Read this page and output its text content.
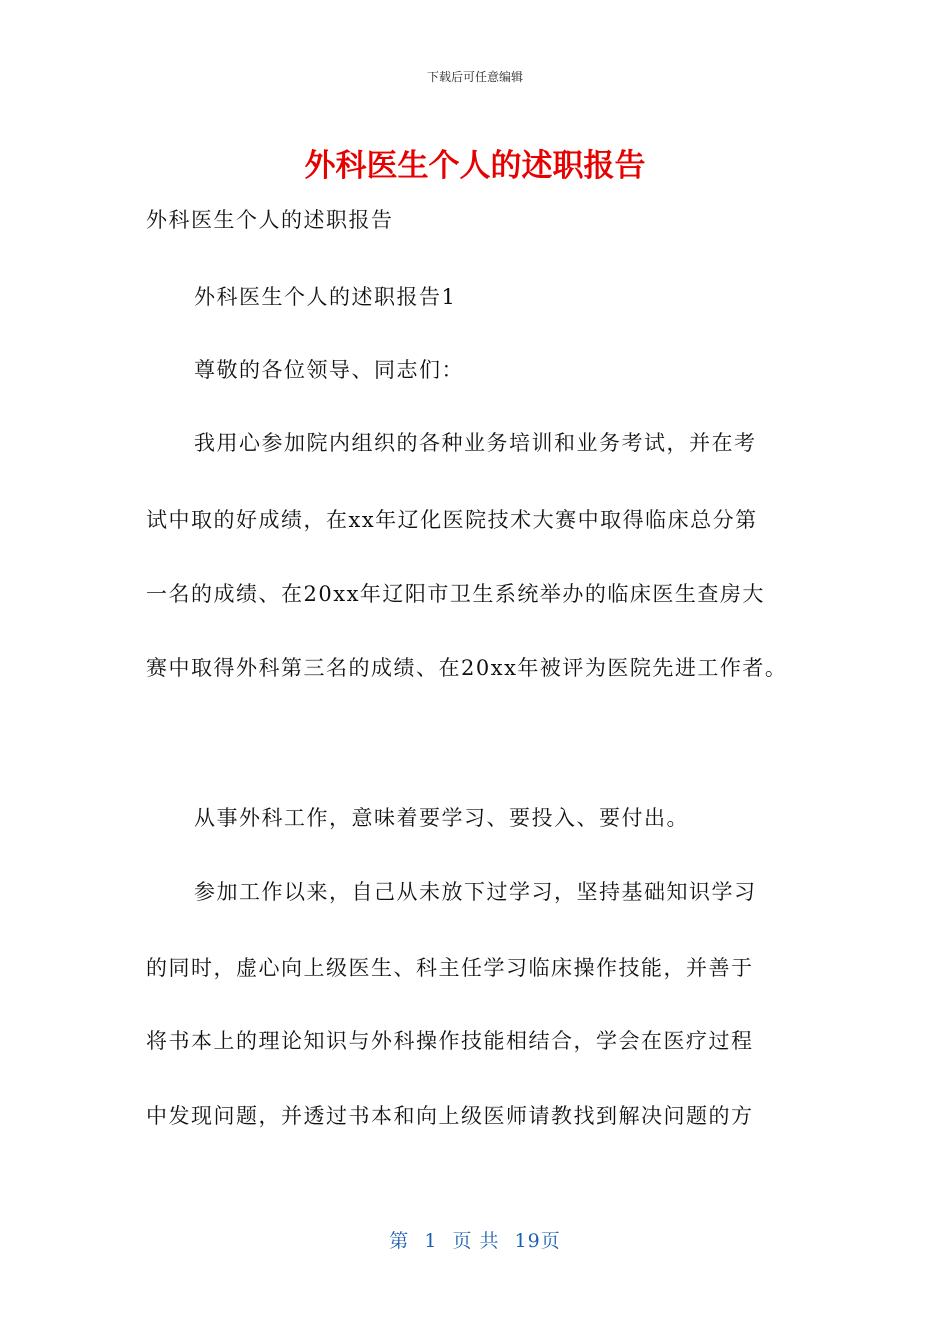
下载后可任意编辑
外科医生个人的述职报告
外科医生个人的述职报告
外科医生个人的述职报告1
尊敬的各位领导、同志们：
我用心参加院内组织的各种业务培训和业务考试，并在考
试中取的好成绩，在xx年辽化医院技术大赛中取得临床总分第
一名的成绩、在20xx年辽阳市卫生系统举办的临床医生查房大
赛中取得外科第三名的成绩、在20xx年被评为医院先进工作者。
从事外科工作，意味着要学习、要投入、要付出。
参加工作以来，自己从未放下过学习，坚持基础知识学习
的同时，虚心向上级医生、科主任学习临床操作技能，并善于
将书本上的理论知识与外科操作技能相结合，学会在医疗过程
中发现问题，并透过书本和向上级医师请教找到解决问题的方
第 1 页 共 19页
